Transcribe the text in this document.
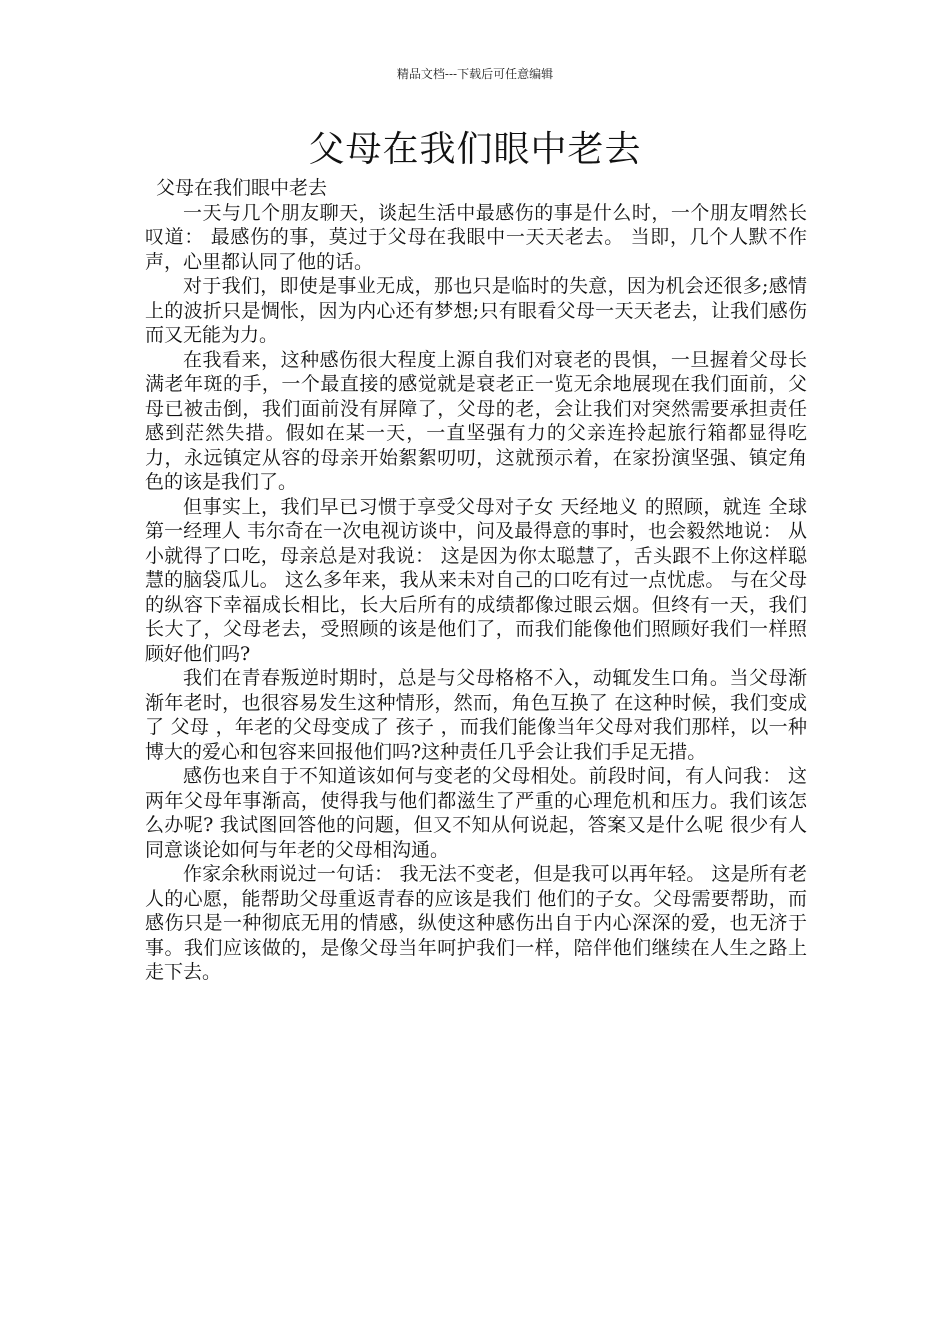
精品文档---下载后可任意编辑
父母在我们眼中老去

父母在我们眼中老去

一天与几个朋友聊天，谈起生活中最感伤的事是什么时，一个朋友喟然长叹道： 最感伤的事，莫过于父母在我眼中一天天老去。 当即，几个人默不作声，心里都认同了他的话。

对于我们，即使是事业无成，那也只是临时的失意，因为机会还很多;感情上的波折只是惆怅，因为内心还有梦想;只有眼看父母一天天老去，让我们感伤而又无能为力。

在我看来，这种感伤很大程度上源自我们对衰老的畏惧，一旦握着父母长满老年斑的手，一个最直接的感觉就是衰老正一览无余地展现在我们面前，父母已被击倒，我们面前没有屏障了，父母的老，会让我们对突然需要承担责任感到茫然失措。假如在某一天，一直坚强有力的父亲连拎起旅行箱都显得吃力，永远镇定从容的母亲开始絮絮叨叨，这就预示着，在家扮演坚强、镇定角色的该是我们了。

但事实上，我们早已习惯于享受父母对子女 天经地义 的照顾，就连 全球第一经理人 韦尔奇在一次电视访谈中，问及最得意的事时，也会毅然地说： 从小就得了口吃，母亲总是对我说： 这是因为你太聪慧了，舌头跟不上你这样聪慧的脑袋瓜儿。 这么多年来，我从来未对自己的口吃有过一点忧虑。 与在父母的纵容下幸福成长相比，长大后所有的成绩都像过眼云烟。但终有一天，我们长大了，父母老去，受照顾的该是他们了，而我们能像他们照顾好我们一样照顾好他们吗?

我们在青春叛逆时期时，总是与父母格格不入，动辄发生口角。当父母渐渐年老时，也很容易发生这种情形，然而，角色互换了 在这种时候，我们变成了 父母 ，年老的父母变成了 孩子 ，而我们能像当年父母对我们那样，以一种博大的爱心和包容来回报他们吗?这种责任几乎会让我们手足无措。

感伤也来自于不知道该如何与变老的父母相处。前段时间，有人问我： 这两年父母年事渐高，使得我与他们都滋生了严重的心理危机和压力。我们该怎么办呢? 我试图回答他的问题，但又不知从何说起，答案又是什么呢 很少有人同意谈论如何与年老的父母相沟通。

作家余秋雨说过一句话： 我无法不变老，但是我可以再年轻。 这是所有老人的心愿，能帮助父母重返青春的应该是我们 他们的子女。父母需要帮助，而感伤只是一种彻底无用的情感，纵使这种感伤出自于内心深深的爱，也无济于事。我们应该做的，是像父母当年呵护我们一样，陪伴他们继续在人生之路上走下去。
